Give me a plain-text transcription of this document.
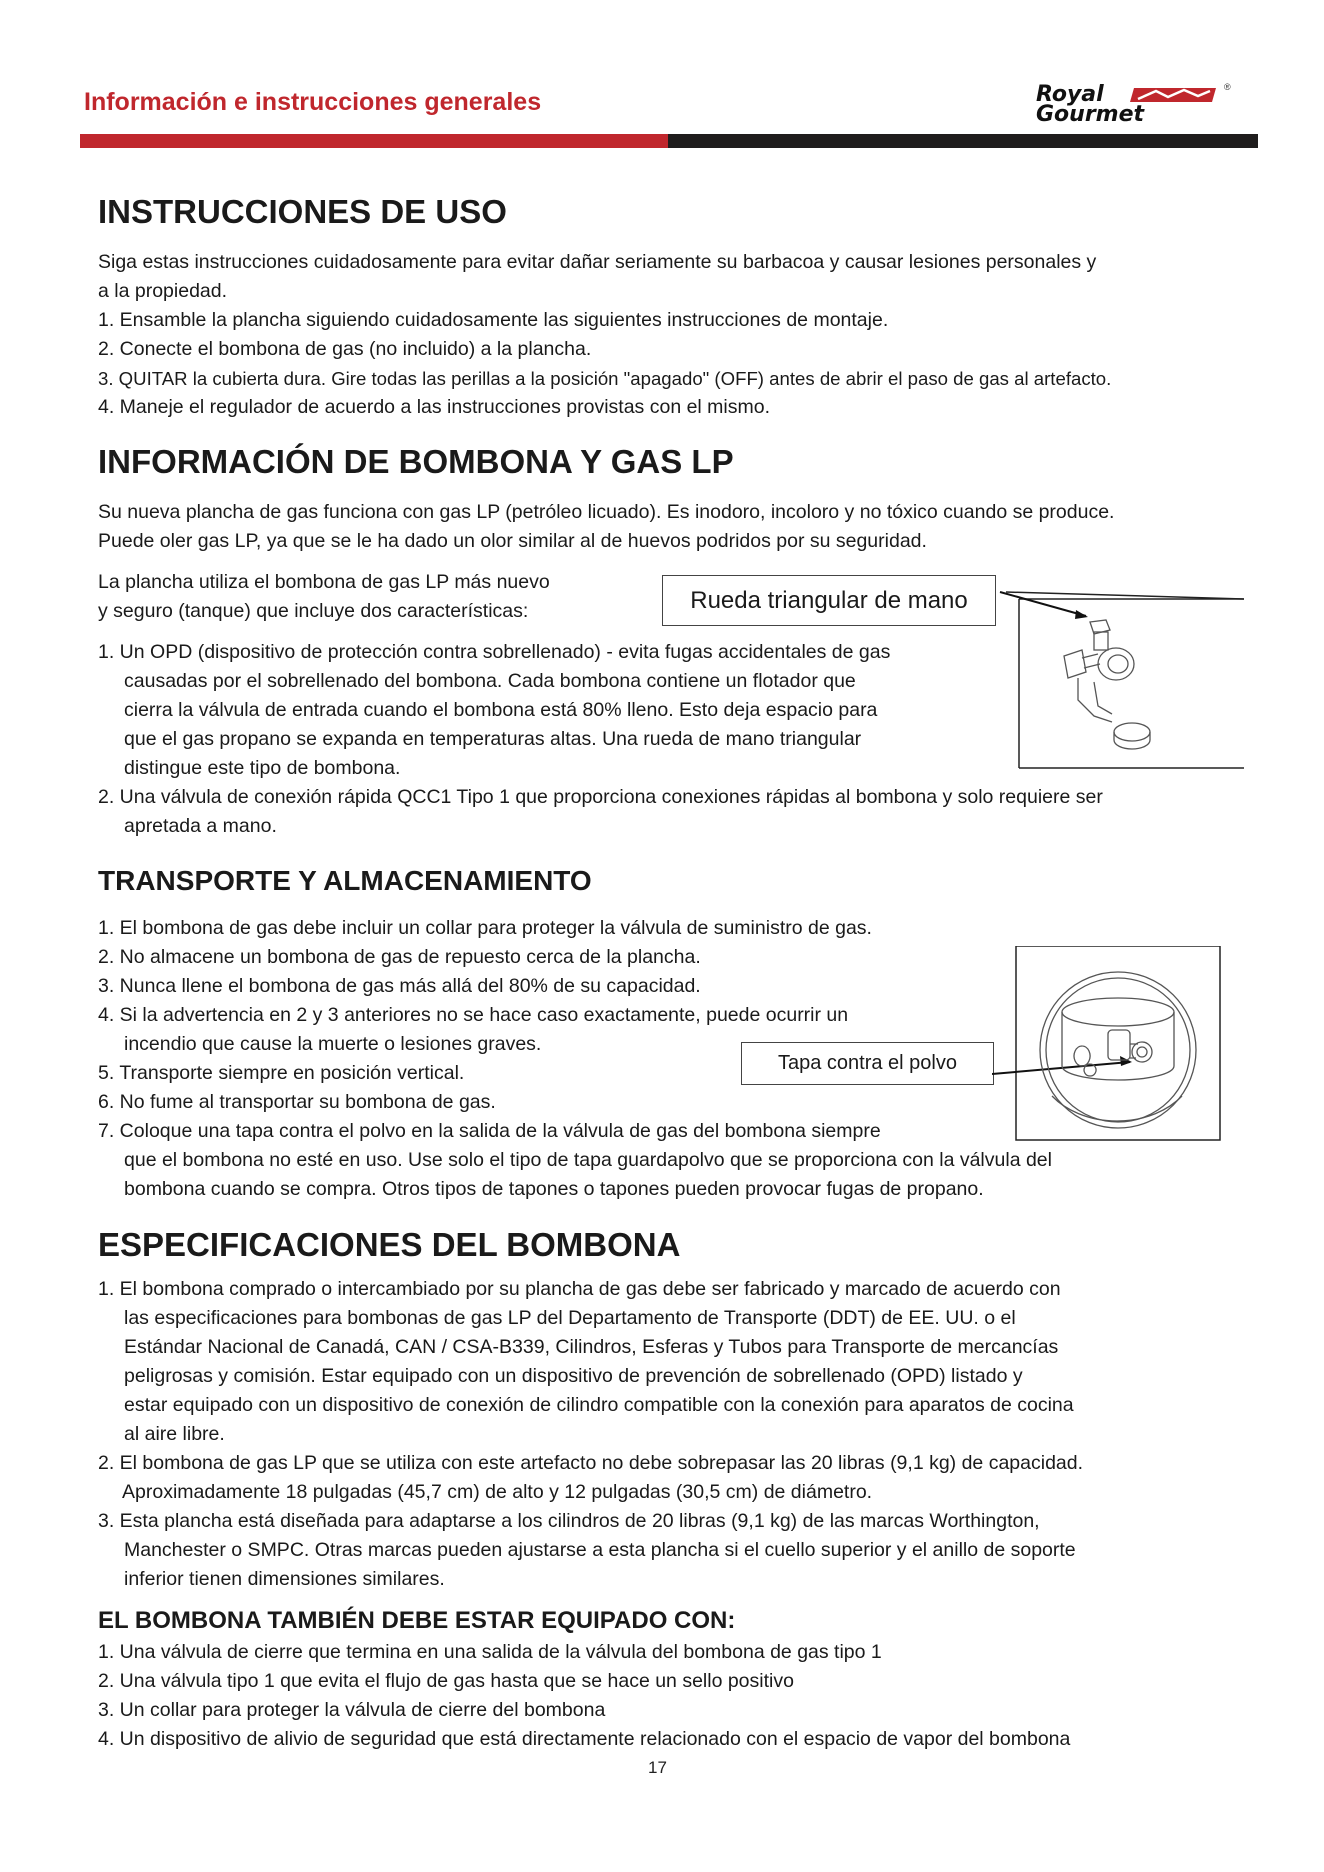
Información e instrucciones generales	Royal
Gourmet
®
INSTRUCCIONES DE USO
Siga estas instrucciones cuidadosamente para evitar dañar seriamente su barbacoa y causar lesiones personales y
a la propiedad.
1. Ensamble la plancha siguiendo cuidadosamente las siguientes instrucciones de montaje.
2. Conecte el bombona de gas (no incluido) a la plancha.
3. QUITAR la cubierta dura. Gire todas las perillas a la posición "apagado" (OFF) antes de abrir el paso de gas al artefacto.
4. Maneje el regulador de acuerdo a las instrucciones provistas con el mismo.
INFORMACIÓN DE BOMBONA Y GAS LP
Su nueva plancha de gas funciona con gas LP (petróleo licuado). Es inodoro, incoloro y no tóxico cuando se produce.
Puede oler gas LP, ya que se le ha dado un olor similar al de huevos podridos por su seguridad.
La plancha utiliza el bombona de gas LP más nuevo
y seguro (tanque) que incluye dos características:	Rueda triangular de mano
1. Un OPD (dispositivo de protección contra sobrellenado) - evita fugas accidentales de gas
causadas por el sobrellenado del bombona. Cada bombona contiene un flotador que
cierra la válvula de entrada cuando el bombona está 80% lleno. Esto deja espacio para
que el gas propano se expanda en temperaturas altas. Una rueda de mano triangular
distingue este tipo de bombona.
2. Una válvula de conexión rápida QCC1 Tipo 1 que proporciona conexiones rápidas al bombona y solo requiere ser
apretada a mano.
TRANSPORTE Y ALMACENAMIENTO
1. El bombona de gas debe incluir un collar para proteger la válvula de suministro de gas.
2. No almacene un bombona de gas de repuesto cerca de la plancha.
3. Nunca llene el bombona de gas más allá del 80% de su capacidad.
4. Si la advertencia en 2 y 3 anteriores no se hace caso exactamente, puede ocurrir un
incendio que cause la muerte o lesiones graves.
5. Transporte siempre en posición vertical.
6. No fume al transportar su bombona de gas.
7. Coloque una tapa contra el polvo en la salida de la válvula de gas del bombona siempre
que el bombona no esté en uso. Use solo el tipo de tapa guardapolvo que se proporciona con la válvula del
bombona cuando se compra. Otros tipos de tapones o tapones pueden provocar fugas de propano.
Tapa contra el polvo
ESPECIFICACIONES DEL BOMBONA
1. El bombona comprado o intercambiado por su plancha de gas debe ser fabricado y marcado de acuerdo con
las especificaciones para bombonas de gas LP del Departamento de Transporte (DDT) de EE. UU. o el
Estándar Nacional de Canadá, CAN / CSA-B339, Cilindros, Esferas y Tubos para Transporte de mercancías
peligrosas y comisión. Estar equipado con un dispositivo de prevención de sobrellenado (OPD) listado y
estar equipado con un dispositivo de conexión de cilindro compatible con la conexión para aparatos de cocina
al aire libre.
2. El bombona de gas LP que se utiliza con este artefacto no debe sobrepasar las 20 libras (9,1 kg) de capacidad.
Aproximadamente 18 pulgadas (45,7 cm) de alto y 12 pulgadas (30,5 cm) de diámetro.
3. Esta plancha está diseñada para adaptarse a los cilindros de 20 libras (9,1 kg) de las marcas Worthington,
Manchester o SMPC. Otras marcas pueden ajustarse a esta plancha si el cuello superior y el anillo de soporte
inferior tienen dimensiones similares.
EL BOMBONA TAMBIÉN DEBE ESTAR EQUIPADO CON:
1. Una válvula de cierre que termina en una salida de la válvula del bombona de gas tipo 1
2. Una válvula tipo 1 que evita el flujo de gas hasta que se hace un sello positivo
3. Un collar para proteger la válvula de cierre del bombona
4. Un dispositivo de alivio de seguridad que está directamente relacionado con el espacio de vapor del bombona
17
